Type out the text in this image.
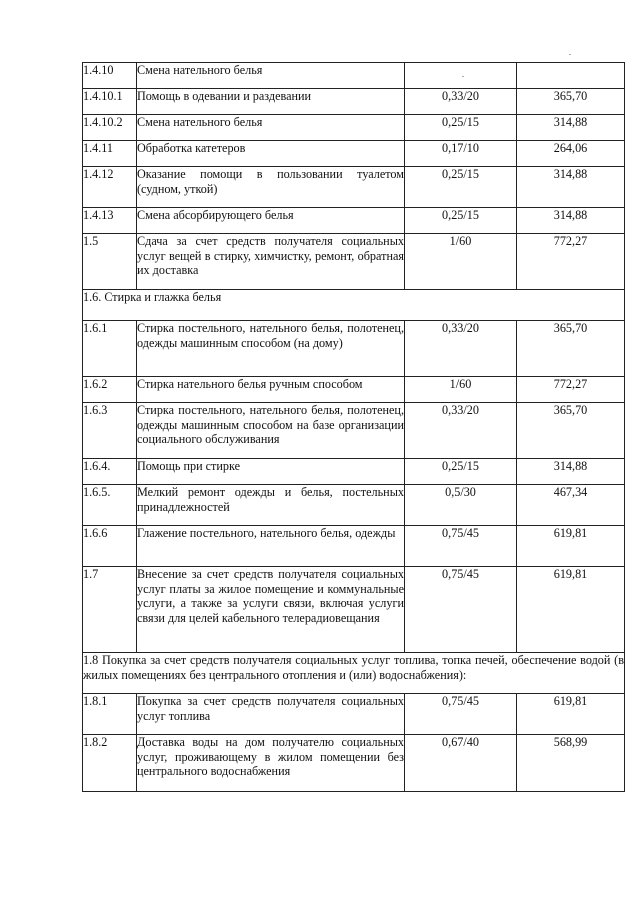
1.4.10	Смена нательного белья		
1.4.10.1	Помощь в одевании и раздевании	0,33/20	365,70
1.4.10.2	Смена нательного белья	0,25/15	314,88
1.4.11	Обработка катетеров	0,17/10	264,06
1.4.12	Оказание помощи в пользовании туалетом (судном, уткой)	0,25/15	314,88
1.4.13	Смена абсорбирующего белья	0,25/15	314,88
1.5	Сдача за счет средств получателя социальных услуг вещей в стирку, химчистку, ремонт, обратная их доставка	1/60	772,27
1.6. Стирка и глажка белья			
1.6.1	Стирка постельного, нательного белья, полотенец, одежды машинным способом (на дому)	0,33/20	365,70
1.6.2	Стирка нательного белья ручным способом	1/60	772,27
1.6.3	Стирка постельного, нательного белья, полотенец, одежды машинным способом на базе организации социального обслуживания	0,33/20	365,70
1.6.4.	Помощь при стирке	0,25/15	314,88
1.6.5.	Мелкий ремонт одежды и белья, постельных принадлежностей	0,5/30	467,34
1.6.6	Глажение постельного, нательного белья, одежды	0,75/45	619,81
1.7	Внесение за счет средств получателя социальных услуг платы за жилое помещение и коммунальные услуги, а также за услуги связи, включая услуги связи для целей кабельного телерадиовещания	0,75/45	619,81
1.8 Покупка за счет средств получателя социальных услуг топлива, топка печей, обеспечение водой (в жилых помещениях без центрального отопления и (или) водоснабжения):			
1.8.1	Покупка за счет средств получателя социальных услуг топлива	0,75/45	619,81
1.8.2	Доставка воды на дом получателю социальных услуг, проживающему в жилом помещении без центрального водоснабжения	0,67/40	568,99
